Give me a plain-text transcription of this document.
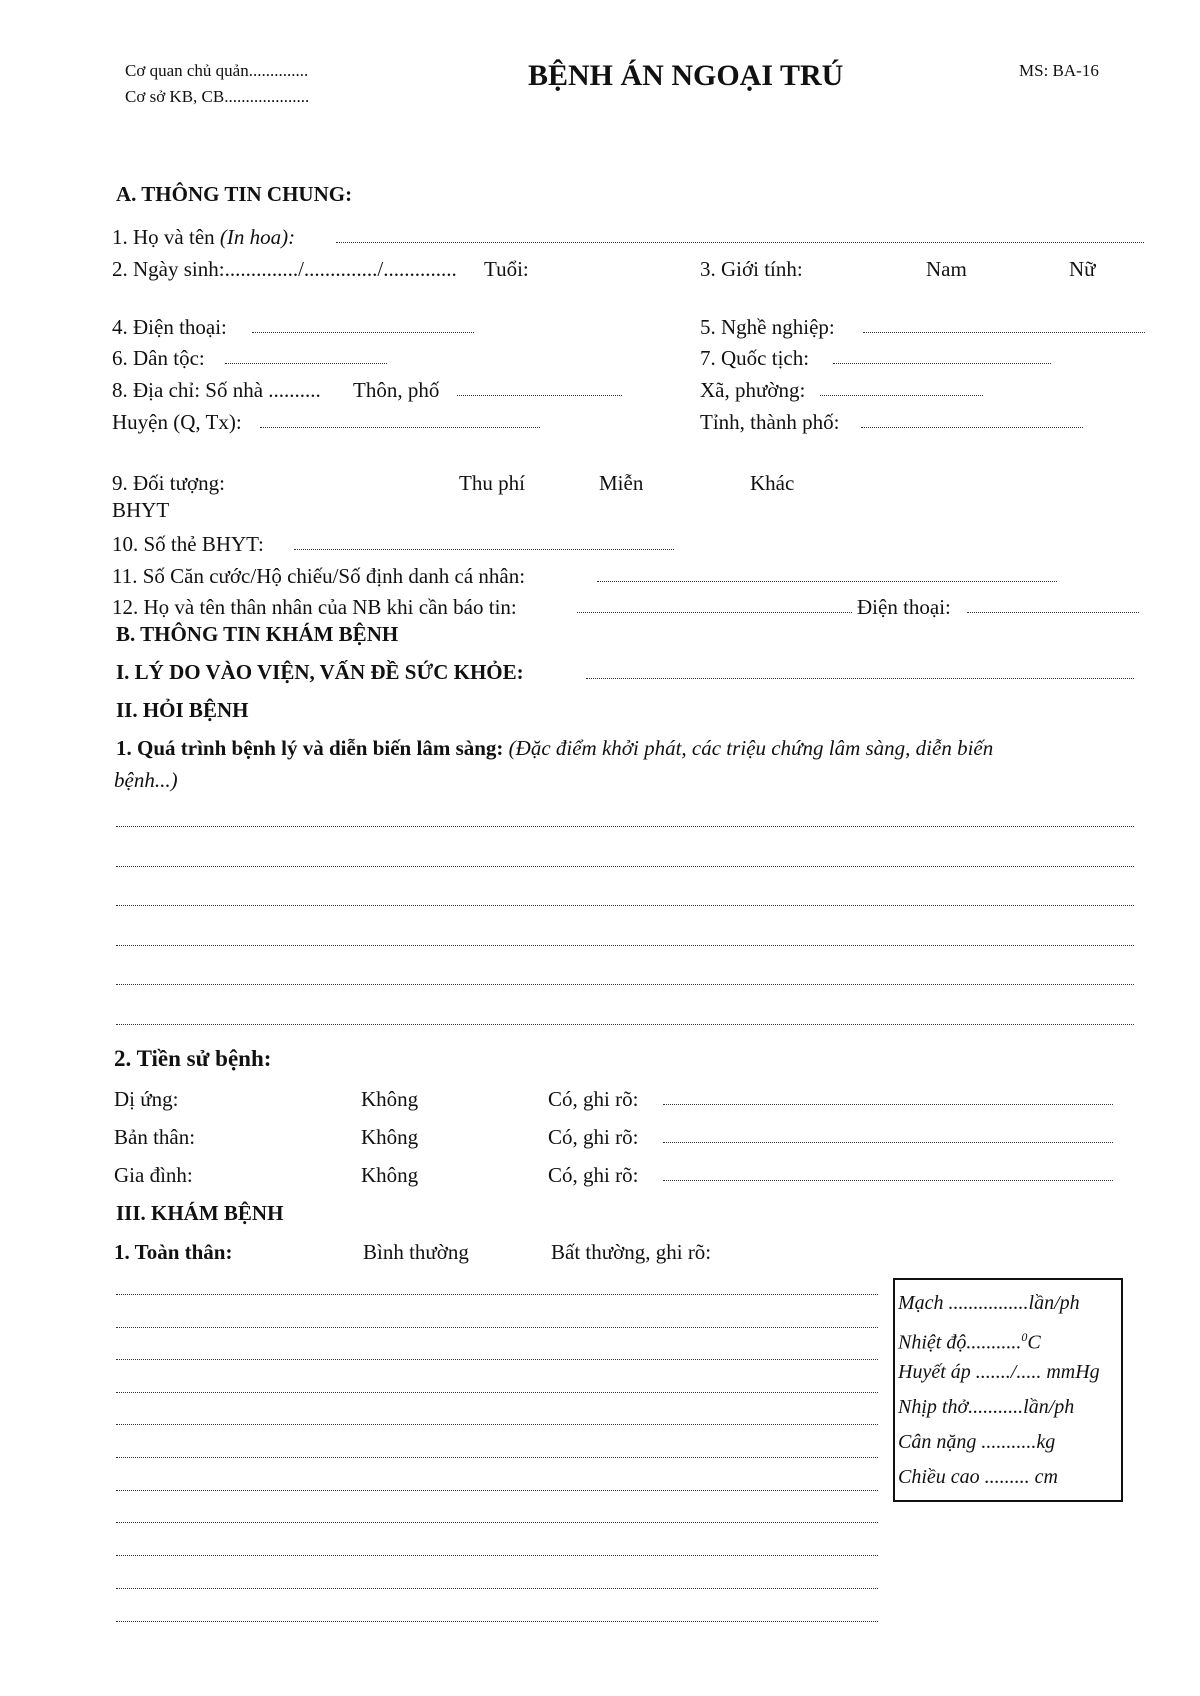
Cơ quan chủ quản..............
Cơ sở KB, CB....................
BỆNH ÁN NGOẠI TRÚ	MS: BA-16
A. THÔNG TIN CHUNG:
1. Họ và tên (In hoa):
2. Ngày sinh:............../............../.............. Tuổi:	3. Giới tính:	Nam	Nữ
4. Điện thoại:	5. Nghề nghiệp:
6. Dân tộc:	7. Quốc tịch:
8. Địa chỉ: Số nhà .......... Thôn, phố	Xã, phường:
Huyện (Q, Tx):	Tỉnh, thành phố:
9. Đối tượng:	Thu phí	Miễn	Khác
BHYT
10. Số thẻ BHYT:
11. Số Căn cước/Hộ chiếu/Số định danh cá nhân:
12. Họ và tên thân nhân của NB khi cần báo tin:	Điện thoại:
B. THÔNG TIN KHÁM BỆNH
I. LÝ DO VÀO VIỆN, VẤN ĐỀ SỨC KHỎE:
II. HỎI BỆNH
1. Quá trình bệnh lý và diễn biến lâm sàng: (Đặc điểm khởi phát, các triệu chứng lâm sàng, diễn biến
bệnh...)
2. Tiền sử bệnh:
Dị ứng:	Không	Có, ghi rõ:
Bản thân:	Không	Có, ghi rõ:
Gia đình:	Không	Có, ghi rõ:
III. KHÁM BỆNH
1. Toàn thân:	Bình thường	Bất thường, ghi rõ:
Mạch ................lần/ph
Nhiệt độ...........$^0$C
Huyết áp ......./..... mmHg
Nhịp thở...........lần/ph
Cân nặng ...........kg
Chiều cao ......... cm
